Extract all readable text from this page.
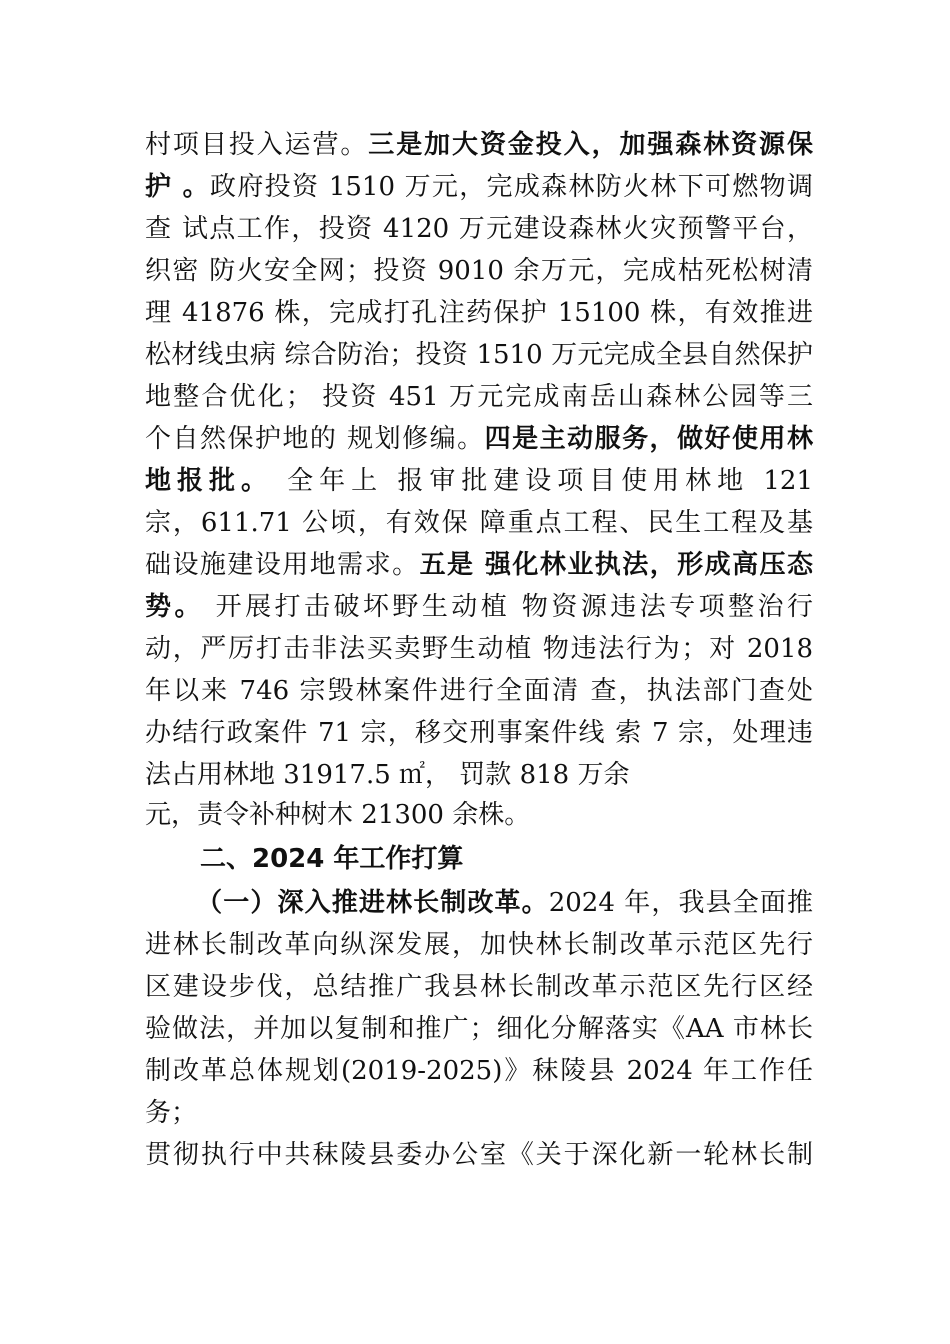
村项目投入运营。三是加大资金投入，加强森林资源保
护 。政府投资 1510 万元，完成森林防火林下可燃物调
查 试点工作，投资 4120 万元建设森林火灾预警平台，
织密 防火安全网；投资 9010 余万元，完成枯死松树清
理 41876 株，完成打孔注药保护 15100 株，有效推进
松材线虫病 综合防治；投资 1510 万元完成全县自然保护
地整合优化； 投资 451 万元完成南岳山森林公园等三
个自然保护地的 规划修编。四是主动服务，做好使用林
地报批。 全年上 报审批建设项目使用林地 121
宗，611.71 公顷，有效保 障重点工程、民生工程及基
础设施建设用地需求。五是 强化林业执法，形成高压态
势。 开展打击破坏野生动植 物资源违法专项整治行
动，严厉打击非法买卖野生动植 物违法行为；对 2018
年以来 746 宗毁林案件进行全面清 查，执法部门查处
办结行政案件 71 宗，移交刑事案件线 索 7 宗，处理违
法占用林地 31917.5 ㎡， 罚款 818 万余
元，责令补种树木 21300 余株。
二、2024 年工作打算
（一）深入推进林长制改革。2024 年，我县全面推
进林长制改革向纵深发展，加快林长制改革示范区先行
区建设步伐，总结推广我县林长制改革示范区先行区经
验做法，并加以复制和推广；细化分解落实《AA 市林长
制改革总体规划(2019-2025)》秣陵县 2024 年工作任
务；
贯彻执行中共秣陵县委办公室《关于深化新一轮林长制
